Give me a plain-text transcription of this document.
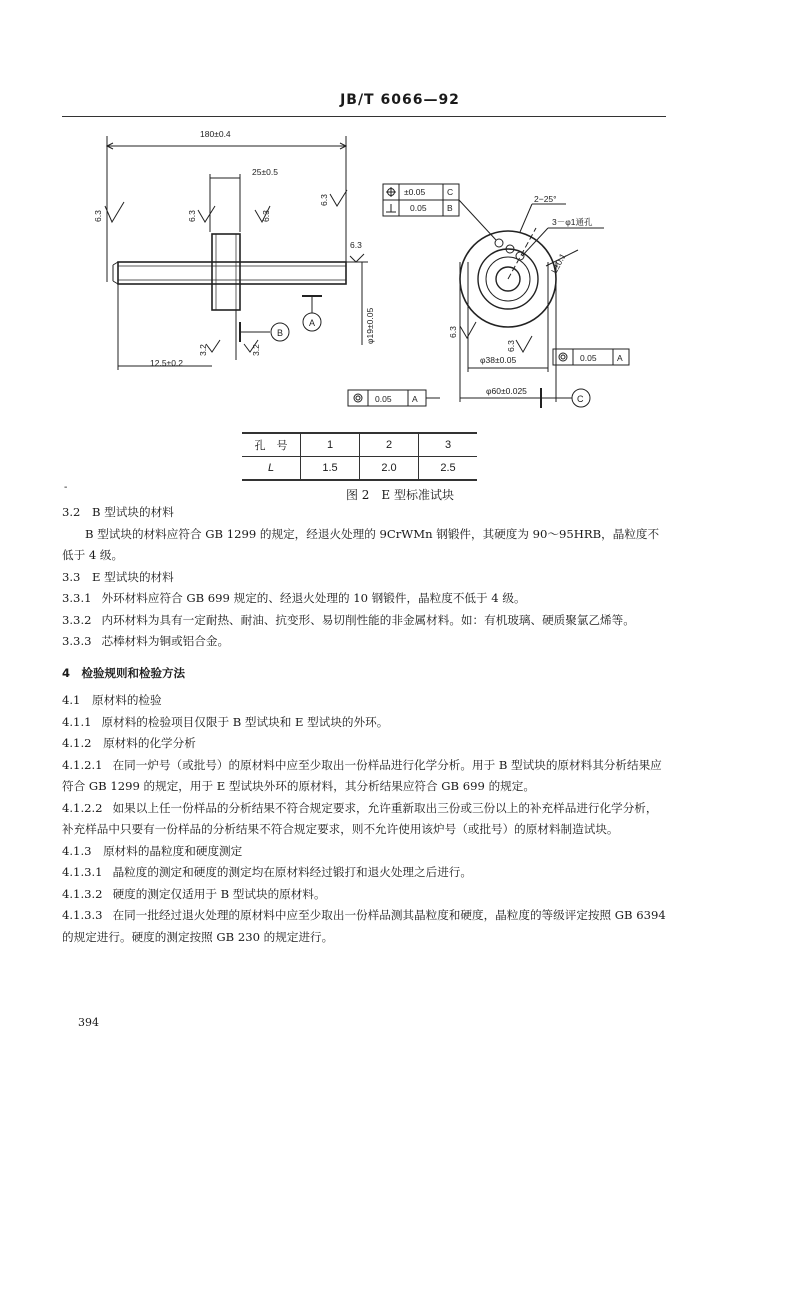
JB/T 6066—92
180±0.4
25±0.5
12.5±0.2
φ19±0.05
φ38±0.05
φ60±0.025
6.3	6.3	6.3
6.3
6.3
3.2	3.2
6.3
6.3
B
A
C
±0.05	C
0.05 B
0.05 A
0.05 A
2−25°
3－φ1通孔
L±0.1
孔　号	1	2	3
L	1.5	2.0	2.5
-
图 2　E 型标准试块

3.2　B 型试块的材料

B 型试块的材料应符合 GB 1299 的规定，经退火处理的 9CrWMn 钢锻件，其硬度为 90～95HRB，晶粒度不低于 4 级。

3.3　E 型试块的材料

3.3.1 外环材料应符合 GB 699 规定的、经退火处理的 10 钢锻件，晶粒度不低于 4 级。

3.3.2 内环材料为具有一定耐热、耐油、抗变形、易切削性能的非金属材料。如：有机玻璃、硬质聚氯乙烯等。

3.3.3 芯棒材料为铜或铝合金。

4　检验规则和检验方法

4.1　原材料的检验

4.1.1 原材料的检验项目仅限于 B 型试块和 E 型试块的外环。

4.1.2　原材料的化学分析

4.1.2.1 在同一炉号（或批号）的原材料中应至少取出一份样品进行化学分析。用于 B 型试块的原材料其分析结果应符合 GB 1299 的规定，用于 E 型试块外环的原材料，其分析结果应符合 GB 699 的规定。

4.1.2.2 如果以上任一份样品的分析结果不符合规定要求，允许重新取出三份或三份以上的补充样品进行化学分析，补充样品中只要有一份样品的分析结果不符合规定要求，则不允许使用该炉号（或批号）的原材料制造试块。

4.1.3　原材料的晶粒度和硬度测定

4.1.3.1 晶粒度的测定和硬度的测定均在原材料经过锻打和退火处理之后进行。

4.1.3.2 硬度的测定仅适用于 B 型试块的原材料。

4.1.3.3 在同一批经过退火处理的原材料中应至少取出一份样品测其晶粒度和硬度，晶粒度的等级评定按照 GB 6394 的规定进行。硬度的测定按照 GB 230 的规定进行。

394
